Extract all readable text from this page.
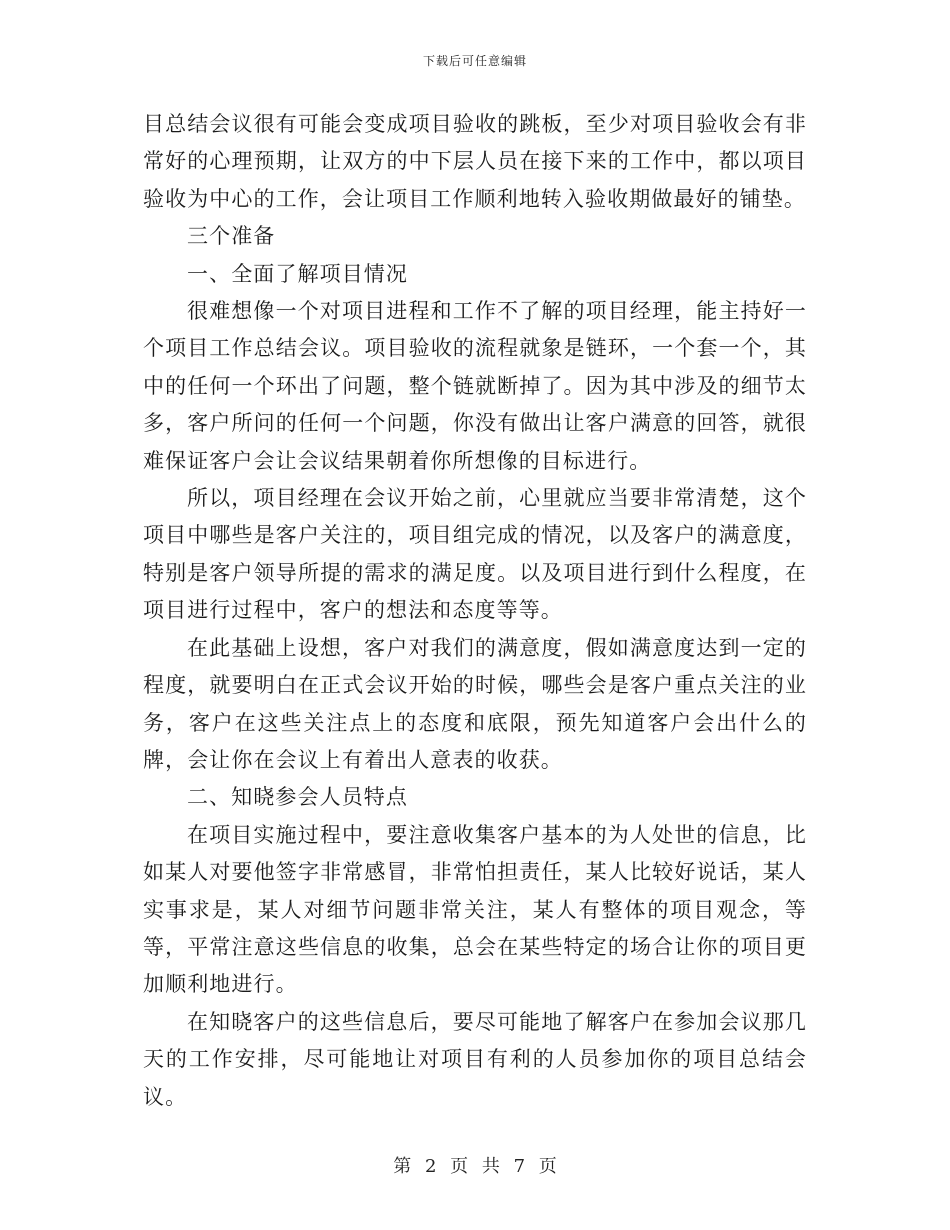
下载后可任意编辑

目总结会议很有可能会变成项目验收的跳板，至少对项目验收会有非常好的心理预期，让双方的中下层人员在接下来的工作中，都以项目验收为中心的工作，会让项目工作顺利地转入验收期做最好的铺垫。

三个准备

一、全面了解项目情况

很难想像一个对项目进程和工作不了解的项目经理，能主持好一个项目工作总结会议。项目验收的流程就象是链环，一个套一个，其中的任何一个环出了问题，整个链就断掉了。因为其中涉及的细节太多，客户所问的任何一个问题，你没有做出让客户满意的回答，就很难保证客户会让会议结果朝着你所想像的目标进行。

所以，项目经理在会议开始之前，心里就应当要非常清楚，这个项目中哪些是客户关注的，项目组完成的情况，以及客户的满意度，特别是客户领导所提的需求的满足度。以及项目进行到什么程度，在项目进行过程中，客户的想法和态度等等。

在此基础上设想，客户对我们的满意度，假如满意度达到一定的程度，就要明白在正式会议开始的时候，哪些会是客户重点关注的业务，客户在这些关注点上的态度和底限，预先知道客户会出什么的牌，会让你在会议上有着出人意表的收获。

二、知晓参会人员特点

在项目实施过程中，要注意收集客户基本的为人处世的信息，比如某人对要他签字非常感冒，非常怕担责任，某人比较好说话，某人实事求是，某人对细节问题非常关注，某人有整体的项目观念，等等，平常注意这些信息的收集，总会在某些特定的场合让你的项目更加顺利地进行。

在知晓客户的这些信息后，要尽可能地了解客户在参加会议那几天的工作安排，尽可能地让对项目有利的人员参加你的项目总结会议。

第 2 页 共 7 页
